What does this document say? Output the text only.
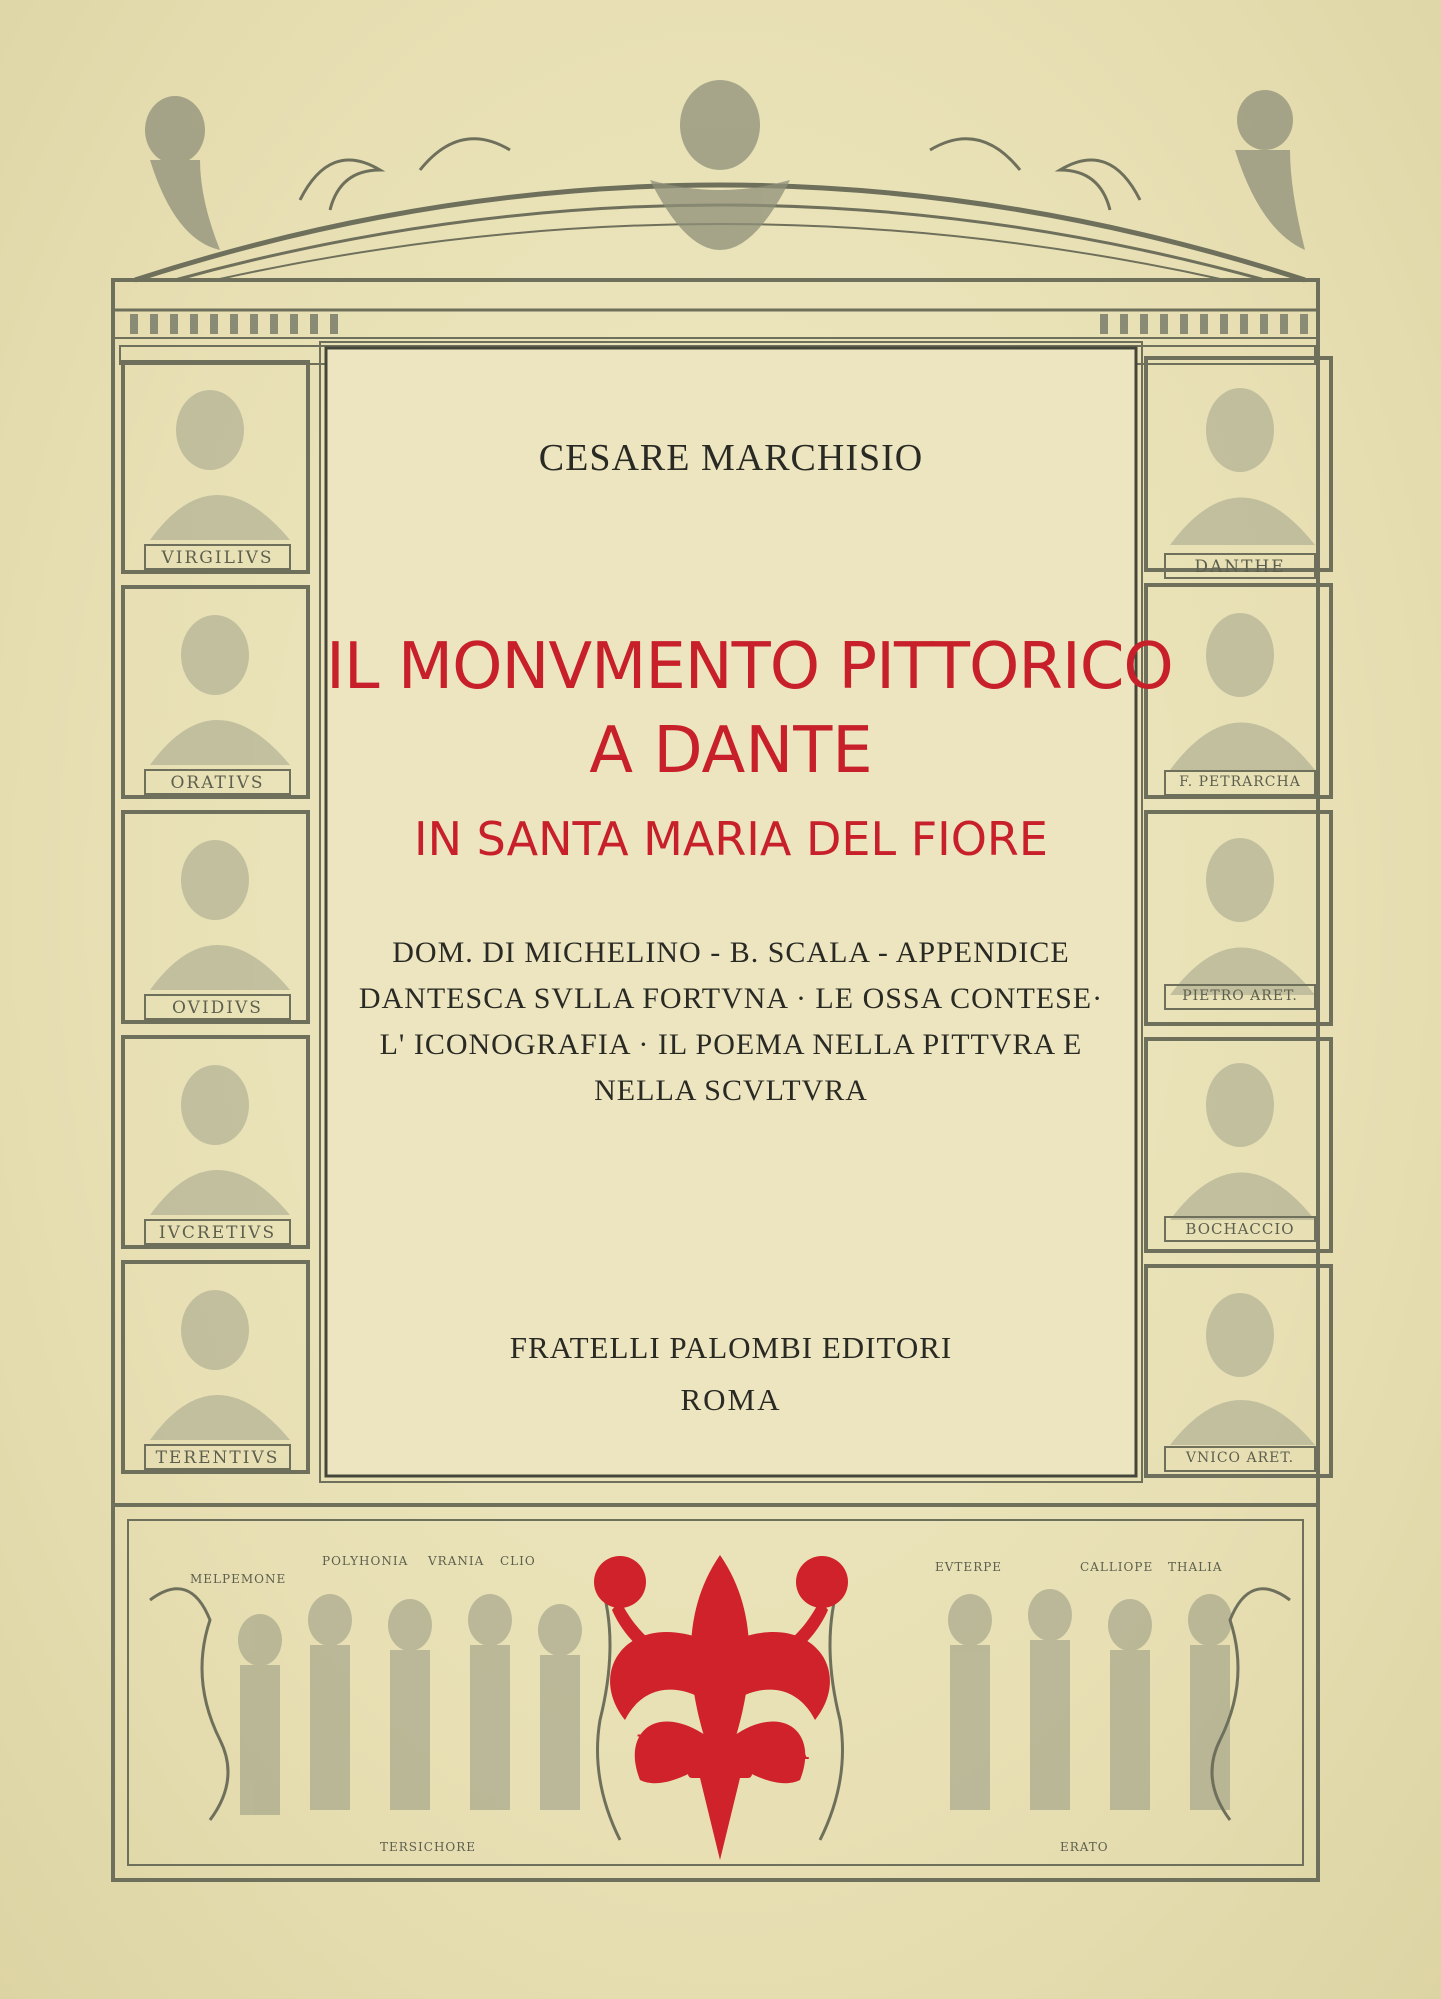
VIRGILIVS
ORATIVS
OVIDIVS
IVCRETIVS
TERENTIVS
DANTHE
F. PETRARCHA
PIETRO ARET.
BOCHACCIO
VNICO ARET.
MELPEMONE
POLYHONIA VRANIA CLIO
TERSICHORE
EVTERPE	CALLIOPE THALIA
ERATO
L	A
CESARE MARCHISIO
IL MONVMENTO PITTORICO
A DANTE
IN SANTA MARIA DEL FIORE
DOM. DI MICHELINO - B. SCALA - APPENDICE
DANTESCA SVLLA FORTVNA · LE OSSA CONTESE·
L' ICONOGRAFIA · IL POEMA NELLA PITTVRA E
NELLA SCVLTVRA
FRATELLI PALOMBI EDITORI
ROMA
